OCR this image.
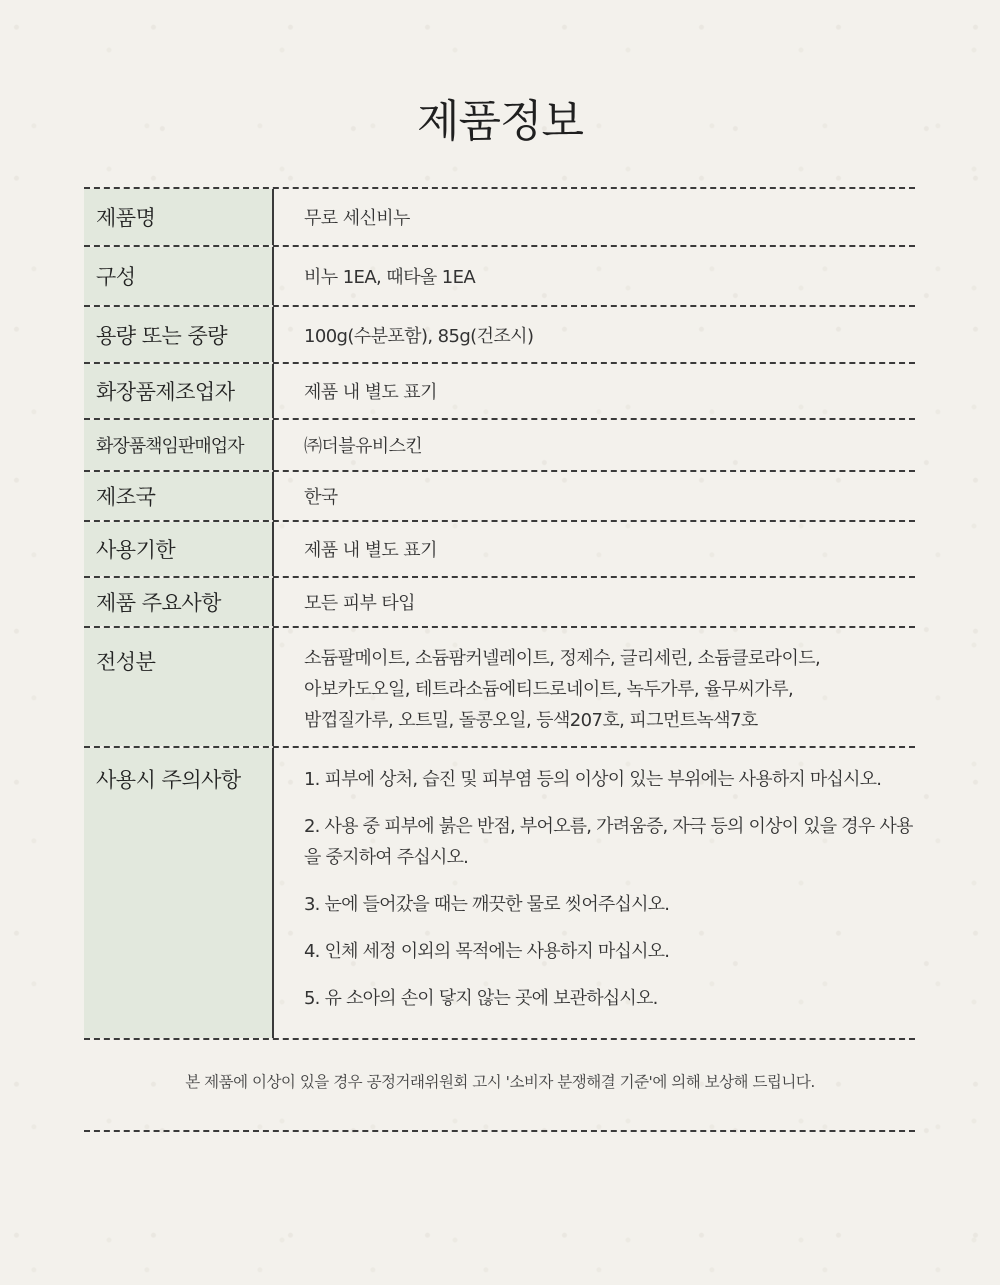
제품정보
제품명	무로 세신비누
구성	비누 1EA, 때타올 1EA
용량 또는 중량	100g(수분포함), 85g(건조시)
화장품제조업자	제품 내 별도 표기
화장품책임판매업자	㈜더블유비스킨
제조국	한국
사용기한	제품 내 별도 표기
제품 주요사항	모든 피부 타입
전성분	소듐팔메이트, 소듐팜커넬레이트, 정제수, 글리세린, 소듐클로라이드,
아보카도오일, 테트라소듐에티드로네이트, 녹두가루, 율무씨가루,
밤껍질가루, 오트밀, 돌콩오일, 등색207호, 피그먼트녹색7호
사용시 주의사항	1. 피부에 상처, 습진 및 피부염 등의 이상이 있는 부위에는 사용하지 마십시오.
2. 사용 중 피부에 붉은 반점, 부어오름, 가려움증, 자극 등의 이상이 있을 경우 사용을 중지하여 주십시오.
3. 눈에 들어갔을 때는 깨끗한 물로 씻어주십시오.
4. 인체 세정 이외의 목적에는 사용하지 마십시오.
5. 유 소아의 손이 닿지 않는 곳에 보관하십시오.

본 제품에 이상이 있을 경우 공정거래위원회 고시 '소비자 분쟁해결 기준'에 의해 보상해 드립니다.
